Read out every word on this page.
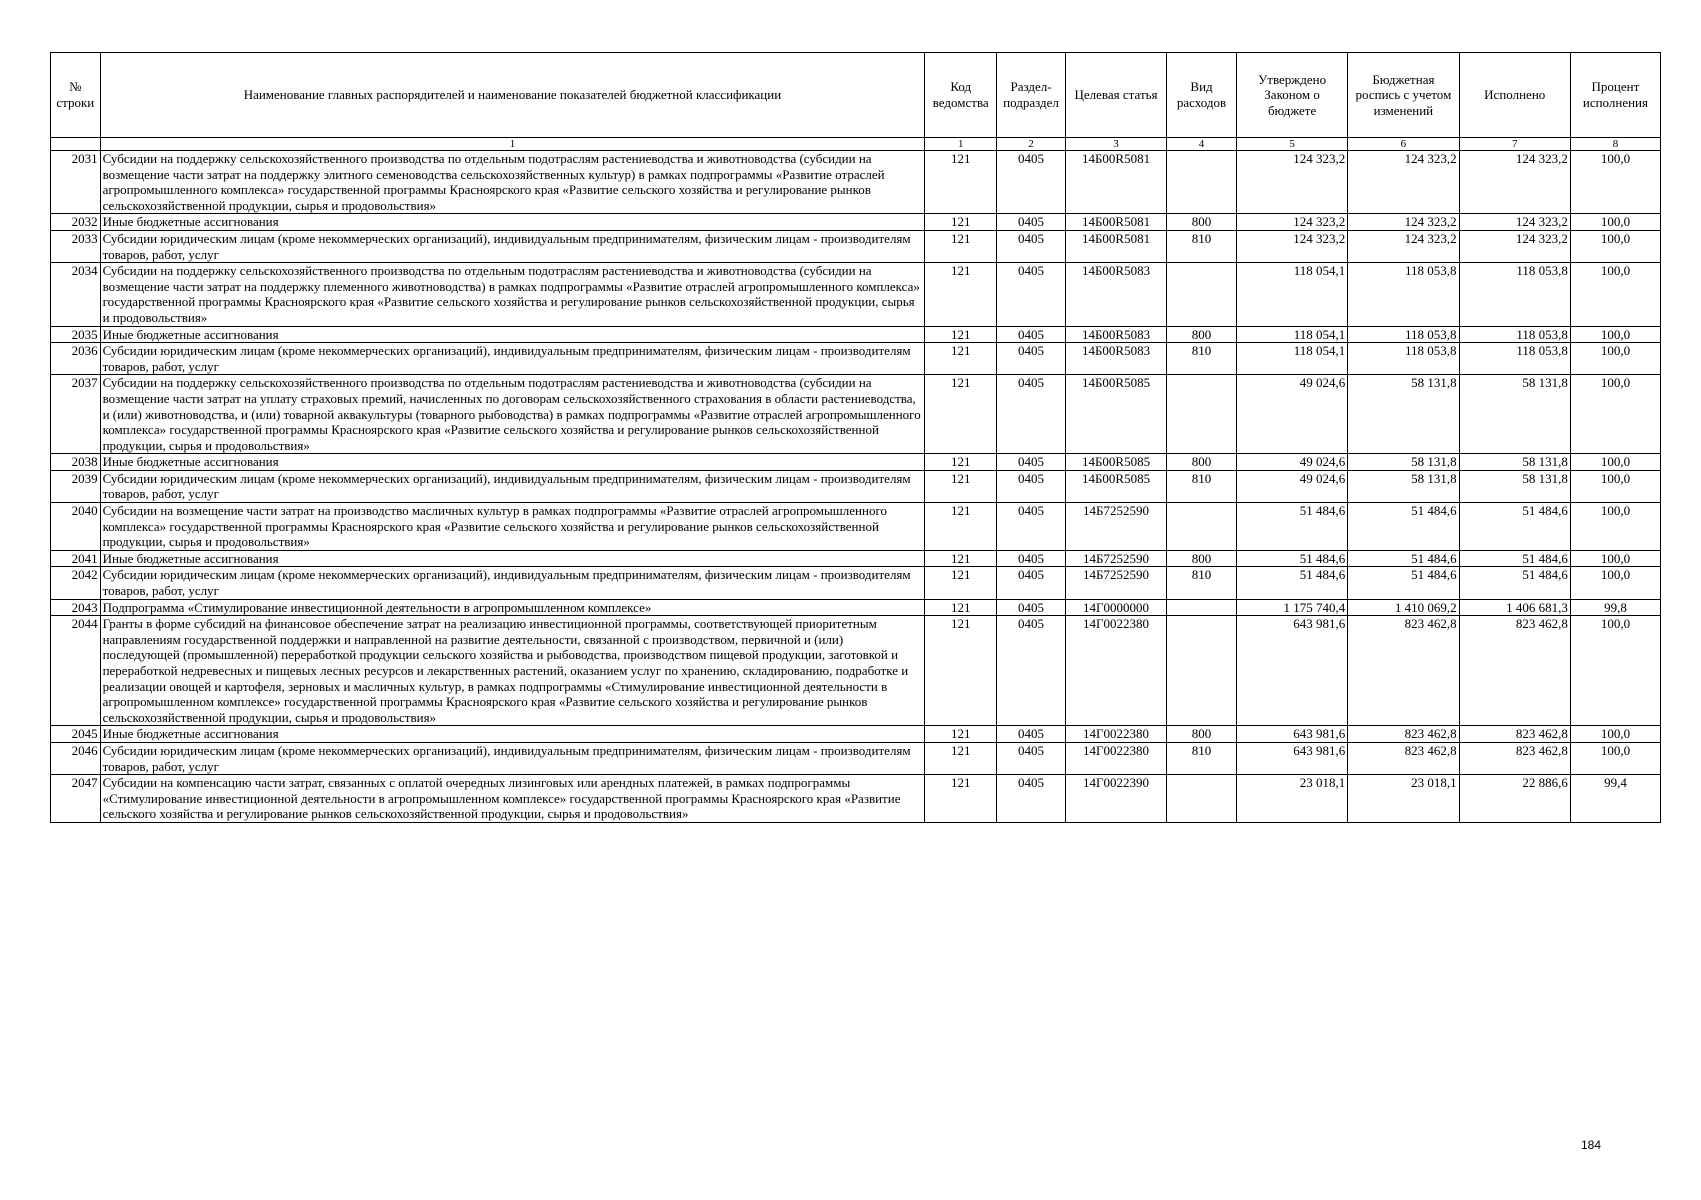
№ строки	Наименование главных распорядителей и наименование показателей бюджетной классификации	Код ведомства	Раздел-подраздел	Целевая статья	Вид расходов	Утверждено Законом о бюджете	Бюджетная роспись с учетом изменений	Исполнено	Процент исполнения
	1	1	2	3	4	5	6	7	8
2031	Субсидии на поддержку сельскохозяйственного производства по отдельным подотраслям растениеводства и животноводства (субсидии на возмещение части затрат на поддержку элитного семеноводства сельскохозяйственных культур) в рамках подпрограммы «Развитие отраслей агропромышленного комплекса» государственной программы Красноярского края «Развитие сельского хозяйства и регулирование рынков сельскохозяйственной продукции, сырья и продовольствия»	121	0405	14Б00R5081		124 323,2	124 323,2	124 323,2	100,0
2032	Иные бюджетные ассигнования	121	0405	14Б00R5081	800	124 323,2	124 323,2	124 323,2	100,0
2033	Субсидии юридическим лицам (кроме некоммерческих организаций), индивидуальным предпринимателям, физическим лицам - производителям товаров, работ, услуг	121	0405	14Б00R5081	810	124 323,2	124 323,2	124 323,2	100,0
2034	Субсидии на поддержку сельскохозяйственного производства по отдельным подотраслям растениеводства и животноводства (субсидии на возмещение части затрат на поддержку племенного животноводства) в рамках подпрограммы «Развитие отраслей агропромышленного комплекса» государственной программы Красноярского края «Развитие сельского хозяйства и регулирование рынков сельскохозяйственной продукции, сырья и продовольствия»	121	0405	14Б00R5083		118 054,1	118 053,8	118 053,8	100,0
2035	Иные бюджетные ассигнования	121	0405	14Б00R5083	800	118 054,1	118 053,8	118 053,8	100,0
2036	Субсидии юридическим лицам (кроме некоммерческих организаций), индивидуальным предпринимателям, физическим лицам - производителям товаров, работ, услуг	121	0405	14Б00R5083	810	118 054,1	118 053,8	118 053,8	100,0
2037	Субсидии на поддержку сельскохозяйственного производства по отдельным подотраслям растениеводства и животноводства (субсидии на возмещение части затрат на уплату страховых премий, начисленных по договорам сельскохозяйственного страхования в области растениеводства, и (или) животноводства, и (или) товарной аквакультуры (товарного рыбоводства) в рамках подпрограммы «Развитие отраслей агропромышленного комплекса» государственной программы Красноярского края «Развитие сельского хозяйства и регулирование рынков сельскохозяйственной продукции, сырья и продовольствия»	121	0405	14Б00R5085		49 024,6	58 131,8	58 131,8	100,0
2038	Иные бюджетные ассигнования	121	0405	14Б00R5085	800	49 024,6	58 131,8	58 131,8	100,0
2039	Субсидии юридическим лицам (кроме некоммерческих организаций), индивидуальным предпринимателям, физическим лицам - производителям товаров, работ, услуг	121	0405	14Б00R5085	810	49 024,6	58 131,8	58 131,8	100,0
2040	Субсидии на возмещение части затрат на производство масличных культур в рамках подпрограммы «Развитие отраслей агропромышленного комплекса» государственной программы Красноярского края «Развитие сельского хозяйства и регулирование рынков сельскохозяйственной продукции, сырья и продовольствия»	121	0405	14Б7252590		51 484,6	51 484,6	51 484,6	100,0
2041	Иные бюджетные ассигнования	121	0405	14Б7252590	800	51 484,6	51 484,6	51 484,6	100,0
2042	Субсидии юридическим лицам (кроме некоммерческих организаций), индивидуальным предпринимателям, физическим лицам - производителям товаров, работ, услуг	121	0405	14Б7252590	810	51 484,6	51 484,6	51 484,6	100,0
2043	Подпрограмма «Стимулирование инвестиционной деятельности в агропромышленном комплексе»	121	0405	14Г0000000		1 175 740,4	1 410 069,2	1 406 681,3	99,8
2044	Гранты в форме субсидий на финансовое обеспечение затрат на реализацию инвестиционной программы, соответствующей приоритетным направлениям государственной поддержки и направленной на развитие деятельности, связанной с производством, первичной и (или) последующей (промышленной) переработкой продукции сельского хозяйства и рыбоводства, производством пищевой продукции, заготовкой и переработкой недревесных и пищевых лесных ресурсов и лекарственных растений, оказанием услуг по хранению, складированию, подработке и реализации овощей и картофеля, зерновых и масличных культур, в рамках подпрограммы «Стимулирование инвестиционной деятельности в агропромышленном комплексе» государственной программы Красноярского края «Развитие сельского хозяйства и регулирование рынков сельскохозяйственной продукции, сырья и продовольствия»	121	0405	14Г0022380		643 981,6	823 462,8	823 462,8	100,0
2045	Иные бюджетные ассигнования	121	0405	14Г0022380	800	643 981,6	823 462,8	823 462,8	100,0
2046	Субсидии юридическим лицам (кроме некоммерческих организаций), индивидуальным предпринимателям, физическим лицам - производителям товаров, работ, услуг	121	0405	14Г0022380	810	643 981,6	823 462,8	823 462,8	100,0
2047	Субсидии на компенсацию части затрат, связанных с оплатой очередных лизинговых или арендных платежей, в рамках подпрограммы «Стимулирование инвестиционной деятельности в агропромышленном комплексе» государственной программы Красноярского края «Развитие сельского хозяйства и регулирование рынков сельскохозяйственной продукции, сырья и продовольствия»	121	0405	14Г0022390		23 018,1	23 018,1	22 886,6	99,4
184
